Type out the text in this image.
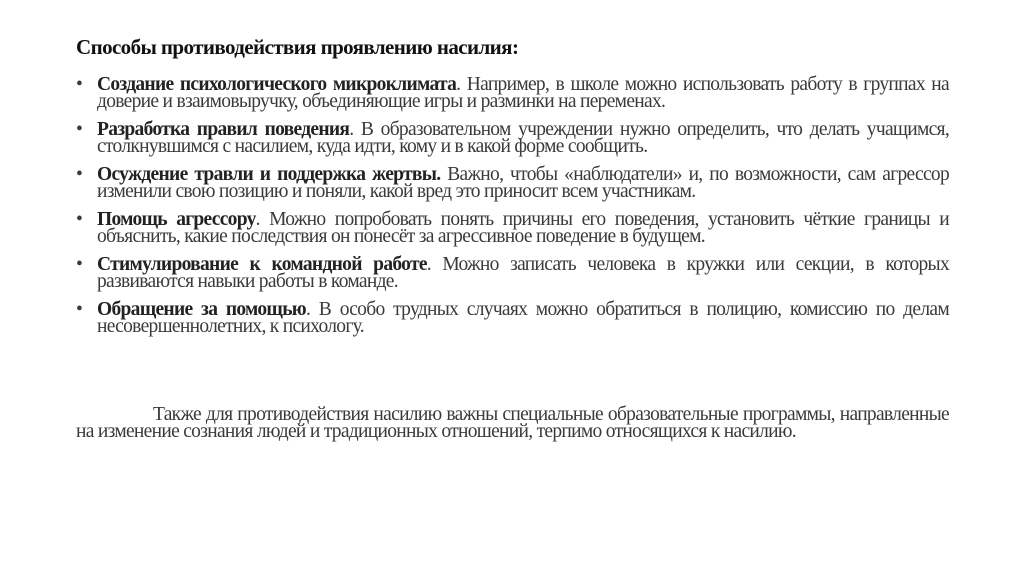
Способы противодействия проявлению насилия:
• Создание психологического микроклимата. Например, в школе можно использовать работу в группах на доверие и взаимовыручку, объединяющие игры и разминки на переменах.
• Разработка правил поведения. В образовательном учреждении нужно определить, что делать учащимся, столкнувшимся с насилием, куда идти, кому и в какой форме сообщить.
• Осуждение травли и поддержка жертвы. Важно, чтобы «наблюдатели» и, по возможности, сам агрессор изменили свою позицию и поняли, какой вред это приносит всем участникам.
• Помощь агрессору. Можно попробовать понять причины его поведения, установить чёткие границы и объяснить, какие последствия он понесёт за агрессивное поведение в будущем.
• Стимулирование к командной работе. Можно записать человека в кружки или секции, в которых развиваются навыки работы в команде.
• Обращение за помощью. В особо трудных случаях можно обратиться в полицию, комиссию по делам несовершеннолетних, к психологу.
Также для противодействия насилию важны специальные образовательные программы, направленные на изменение сознания людей и традиционных отношений, терпимо относящихся к насилию.
